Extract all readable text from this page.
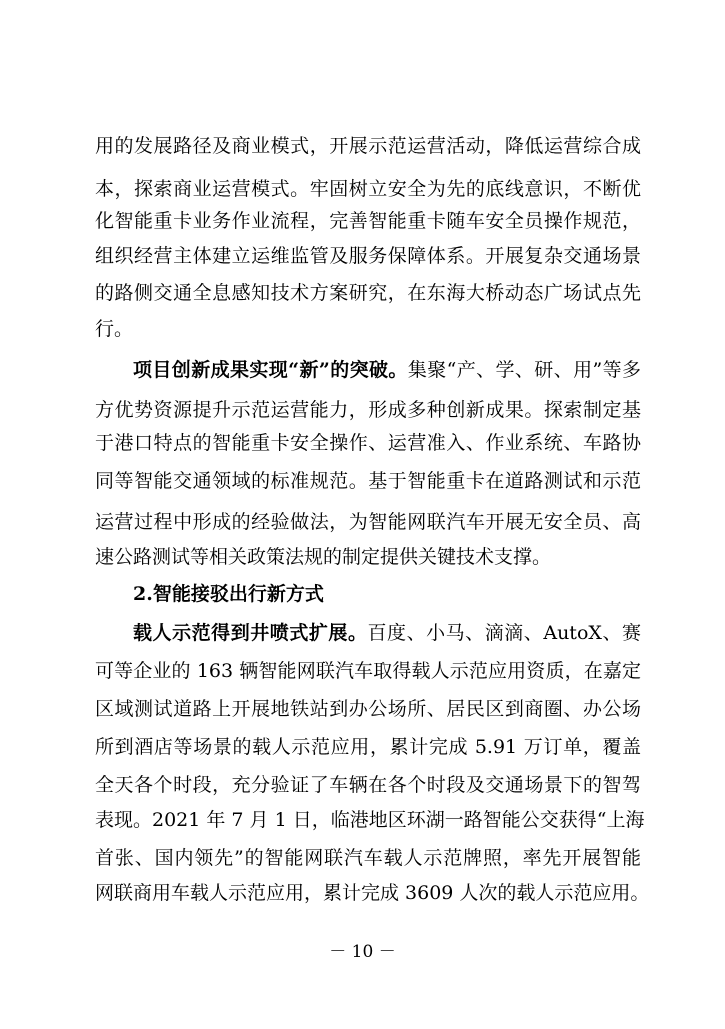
用的发展路径及商业模式，开展示范运营活动，降低运营综合成
本，探索商业运营模式。牢固树立安全为先的底线意识，不断优
化智能重卡业务作业流程，完善智能重卡随车安全员操作规范，
组织经营主体建立运维监管及服务保障体系。开展复杂交通场景
的路侧交通全息感知技术方案研究，在东海大桥动态广场试点先
行。
项目创新成果实现“新”的突破。集聚“产、学、研、用”等多
方优势资源提升示范运营能力，形成多种创新成果。探索制定基
于港口特点的智能重卡安全操作、运营准入、作业系统、车路协
同等智能交通领域的标准规范。基于智能重卡在道路测试和示范
运营过程中形成的经验做法，为智能网联汽车开展无安全员、高
速公路测试等相关政策法规的制定提供关键技术支撑。
2.智能接驳出行新方式
载人示范得到井喷式扩展。百度、小马、滴滴、AutoX、赛
可等企业的 163 辆智能网联汽车取得载人示范应用资质，在嘉定
区域测试道路上开展地铁站到办公场所、居民区到商圈、办公场
所到酒店等场景的载人示范应用，累计完成 5.91 万订单，覆盖
全天各个时段，充分验证了车辆在各个时段及交通场景下的智驾
表现。2021 年 7 月 1 日，临港地区环湖一路智能公交获得“上海
首张、国内领先”的智能网联汽车载人示范牌照，率先开展智能
网联商用车载人示范应用，累计完成 3609 人次的载人示范应用。
－ 10 －
